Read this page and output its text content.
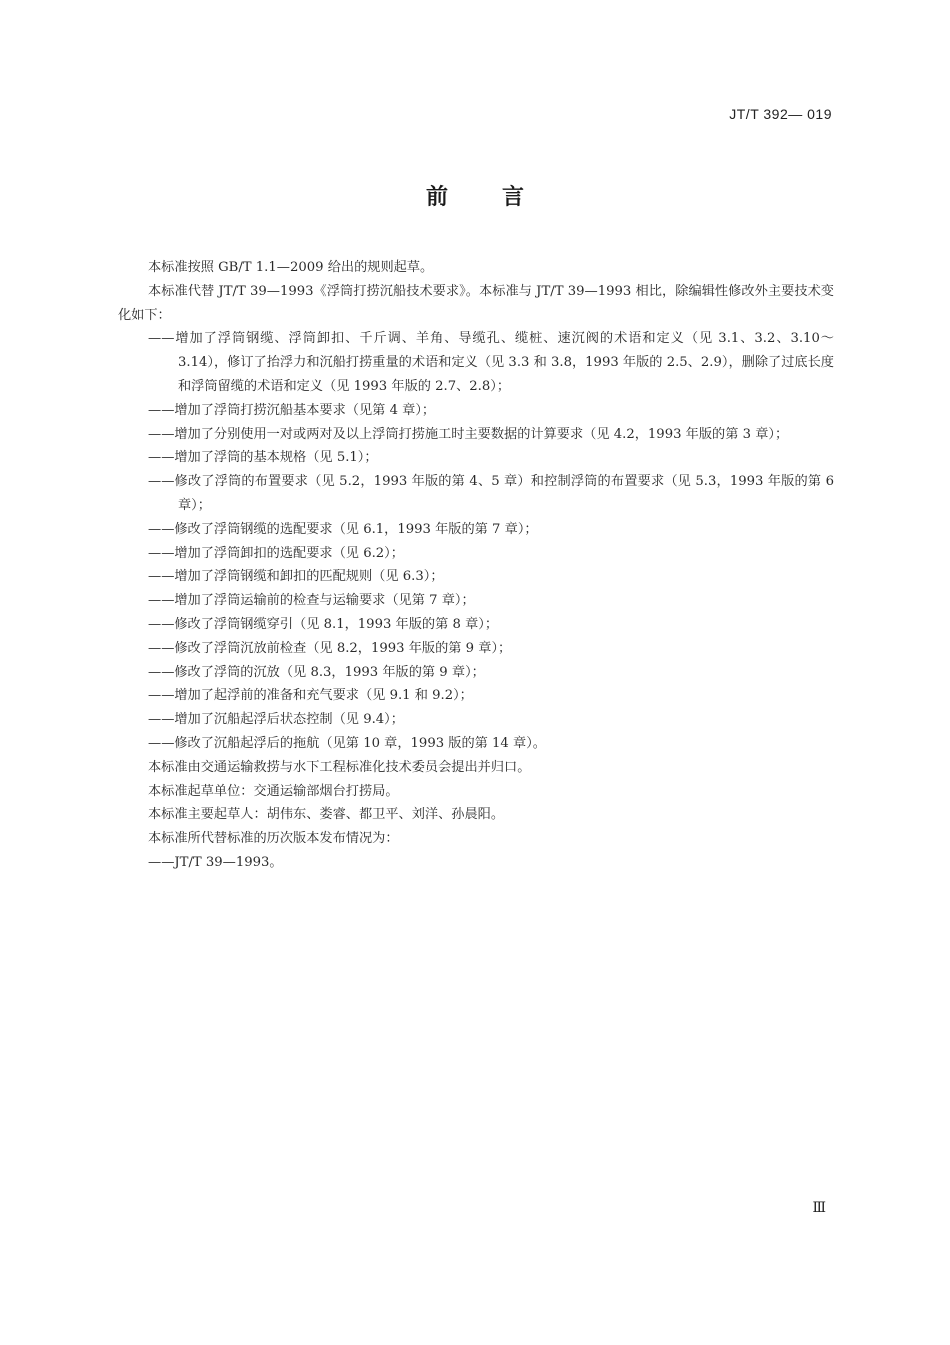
JT/T 392— 019
前言

本标准按照 GB/T 1.1—2009 给出的规则起草。

本标准代替 JT/T 39—1993《浮筒打捞沉船技术要求》。本标准与 JT/T 39—1993 相比，除编辑性修改外主要技术变化如下：

——增加了浮筒钢缆、浮筒卸扣、千斤调、羊角、导缆孔、缆桩、速沉阀的术语和定义（见 3.1、3.2、3.10～3.14），修订了抬浮力和沉船打捞重量的术语和定义（见 3.3 和 3.8，1993 年版的 2.5、2.9），删除了过底长度和浮筒留缆的术语和定义（见 1993 年版的 2.7、2.8）；

——增加了浮筒打捞沉船基本要求（见第 4 章）；

——增加了分别使用一对或两对及以上浮筒打捞施工时主要数据的计算要求（见 4.2，1993 年版的第 3 章）；

——增加了浮筒的基本规格（见 5.1）；

——修改了浮筒的布置要求（见 5.2，1993 年版的第 4、5 章）和控制浮筒的布置要求（见 5.3，1993 年版的第 6 章）；

——修改了浮筒钢缆的选配要求（见 6.1，1993 年版的第 7 章）；

——增加了浮筒卸扣的选配要求（见 6.2）；

——增加了浮筒钢缆和卸扣的匹配规则（见 6.3）；

——增加了浮筒运输前的检查与运输要求（见第 7 章）；

——修改了浮筒钢缆穿引（见 8.1，1993 年版的第 8 章）；

——修改了浮筒沉放前检查（见 8.2，1993 年版的第 9 章）；

——修改了浮筒的沉放（见 8.3，1993 年版的第 9 章）；

——增加了起浮前的准备和充气要求（见 9.1 和 9.2）；

——增加了沉船起浮后状态控制（见 9.4）；

——修改了沉船起浮后的拖航（见第 10 章，1993 版的第 14 章）。

本标准由交通运输救捞与水下工程标准化技术委员会提出并归口。

本标准起草单位：交通运输部烟台打捞局。

本标准主要起草人：胡伟东、娄睿、都卫平、刘洋、孙晨阳。

本标准所代替标准的历次版本发布情况为：

——JT/T 39—1993。

Ⅲ
